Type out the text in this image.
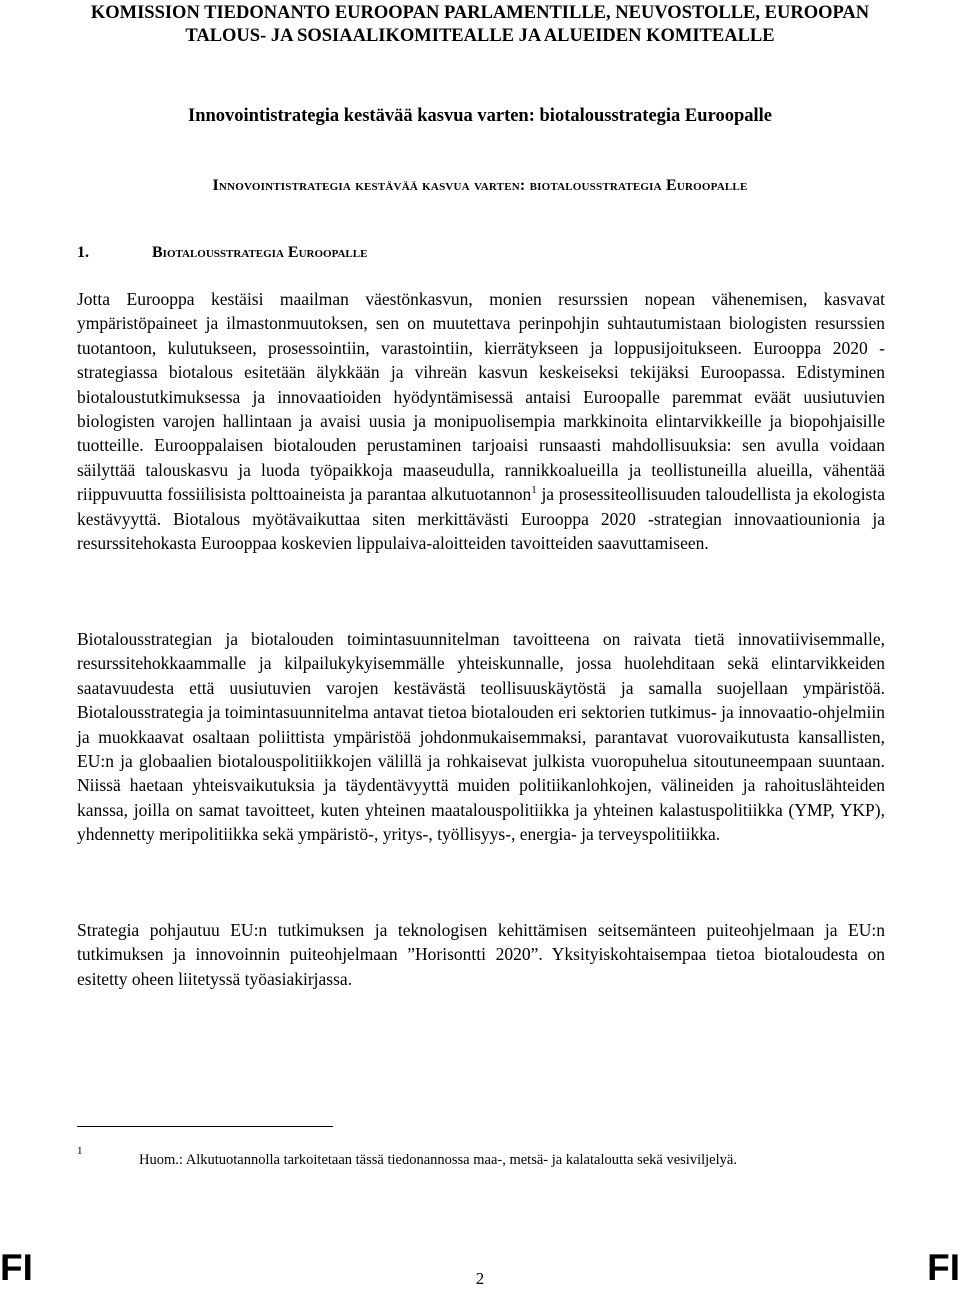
KOMISSION TIEDONANTO EUROOPAN PARLAMENTILLE, NEUVOSTOLLE, EUROOPAN TALOUS- JA SOSIAALIKOMITEALLE JA ALUEIDEN KOMITEALLE
Innovointistrategia kestävää kasvua varten: biotalousstrategia Euroopalle
Innovointistrategia kestävää kasvua varten: biotalousstrategia Euroopalle
1.	Biotalousstrategia Euroopalle

Jotta Eurooppa kestäisi maailman väestönkasvun, monien resurssien nopean vähenemisen, kasvavat ympäristöpaineet ja ilmastonmuutoksen, sen on muutettava perinpohjin suhtautumistaan biologisten resurssien tuotantoon, kulutukseen, prosessointiin, varastointiin, kierrätykseen ja loppusijoitukseen. Eurooppa 2020 -strategiassa biotalous esitetään älykkään ja vihreän kasvun keskeiseksi tekijäksi Euroopassa. Edistyminen biotaloustutkimuksessa ja innovaatioiden hyödyntämisessä antaisi Euroopalle paremmat eväät uusiutuvien biologisten varojen hallintaan ja avaisi uusia ja monipuolisempia markkinoita elintarvikkeille ja biopohjaisille tuotteille. Eurooppalaisen biotalouden perustaminen tarjoaisi runsaasti mahdollisuuksia: sen avulla voidaan säilyttää talouskasvu ja luoda työpaikkoja maaseudulla, rannikkoalueilla ja teollistuneilla alueilla, vähentää riippuvuutta fossiilisista polttoaineista ja parantaa alkutuotannon$^1$ ja prosessiteollisuuden taloudellista ja ekologista kestävyyttä. Biotalous myötävaikuttaa siten merkittävästi Eurooppa 2020 -strategian innovaatiounionia ja resurssitehokasta Eurooppaa koskevien lippulaiva-aloitteiden tavoitteiden saavuttamiseen.

Biotalousstrategian ja biotalouden toimintasuunnitelman tavoitteena on raivata tietä innovatiivisemmalle, resurssitehokkaammalle ja kilpailukykyisemmälle yhteiskunnalle, jossa huolehditaan sekä elintarvikkeiden saatavuudesta että uusiutuvien varojen kestävästä teollisuuskäytöstä ja samalla suojellaan ympäristöä. Biotalousstrategia ja toimintasuunnitelma antavat tietoa biotalouden eri sektorien tutkimus- ja innovaatio-ohjelmiin ja muokkaavat osaltaan poliittista ympäristöä johdonmukaisemmaksi, parantavat vuorovaikutusta kansallisten, EU:n ja globaalien biotalouspolitiikkojen välillä ja rohkaisevat julkista vuoropuhelua sitoutuneempaan suuntaan. Niissä haetaan yhteisvaikutuksia ja täydentävyyttä muiden politiikanlohkojen, välineiden ja rahoituslähteiden kanssa, joilla on samat tavoitteet, kuten yhteinen maatalouspolitiikka ja yhteinen kalastuspolitiikka (YMP, YKP), yhdennetty meripolitiikka sekä ympäristö-, yritys-, työllisyys-, energia- ja terveyspolitiikka.

Strategia pohjautuu EU:n tutkimuksen ja teknologisen kehittämisen seitsemänteen puiteohjelmaan ja EU:n tutkimuksen ja innovoinnin puiteohjelmaan ”Horisontti 2020”. Yksityiskohtaisempaa tietoa biotaloudesta on esitetty oheen liitetyssä työasiakirjassa.

1
Huom.: Alkutuotannolla tarkoitetaan tässä tiedonannossa maa-, metsä- ja kalataloutta sekä vesiviljelyä.
FI	2	FI
